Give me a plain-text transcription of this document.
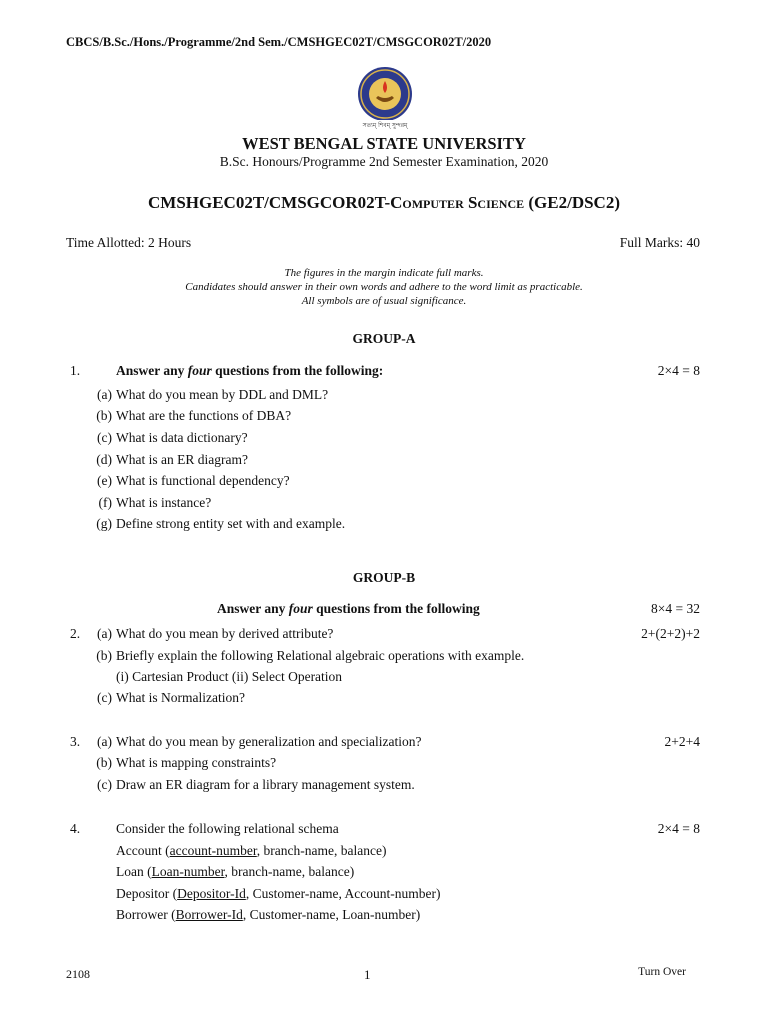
CBCS/B.Sc./Hons./Programme/2nd Sem./CMSHGEC02T/CMSGCOR02T/2020
সত্যম্ শিবম্ সুন্দরম্
WEST BENGAL STATE UNIVERSITY
B.Sc. Honours/Programme 2nd Semester Examination, 2020
CMSHGEC02T/CMSGCOR02T-Computer Science (GE2/DSC2)
Time Allotted: 2 Hours	Full Marks: 40
The figures in the margin indicate full marks.
Candidates should answer in their own words and adhere to the word limit as practicable.
All symbols are of usual significance.
GROUP-A
1.	Answer any four questions from the following:	2×4 = 8
(a) What do you mean by DDL and DML?
(b) What are the functions of DBA?
(c) What is data dictionary?
(d) What is an ER diagram?
(e) What is functional dependency?
(f) What is instance?
(g) Define strong entity set with and example.
GROUP-B
Answer any four questions from the following	8×4 = 32
2.	(a) What do you mean by derived attribute?	2+(2+2)+2
(b) Briefly explain the following Relational algebraic operations with example.
(i) Cartesian Product (ii) Select Operation
(c) What is Normalization?
3.	(a) What do you mean by generalization and specialization?	2+2+4
(b) What is mapping constraints?
(c) Draw an ER diagram for a library management system.
4.	Consider the following relational schema	2×4 = 8
Account (account-number, branch-name, balance)
Loan (Loan-number, branch-name, balance)
Depositor (Depositor-Id, Customer-name, Account-number)
Borrower (Borrower-Id, Customer-name, Loan-number)
2108	1	Turn Over
